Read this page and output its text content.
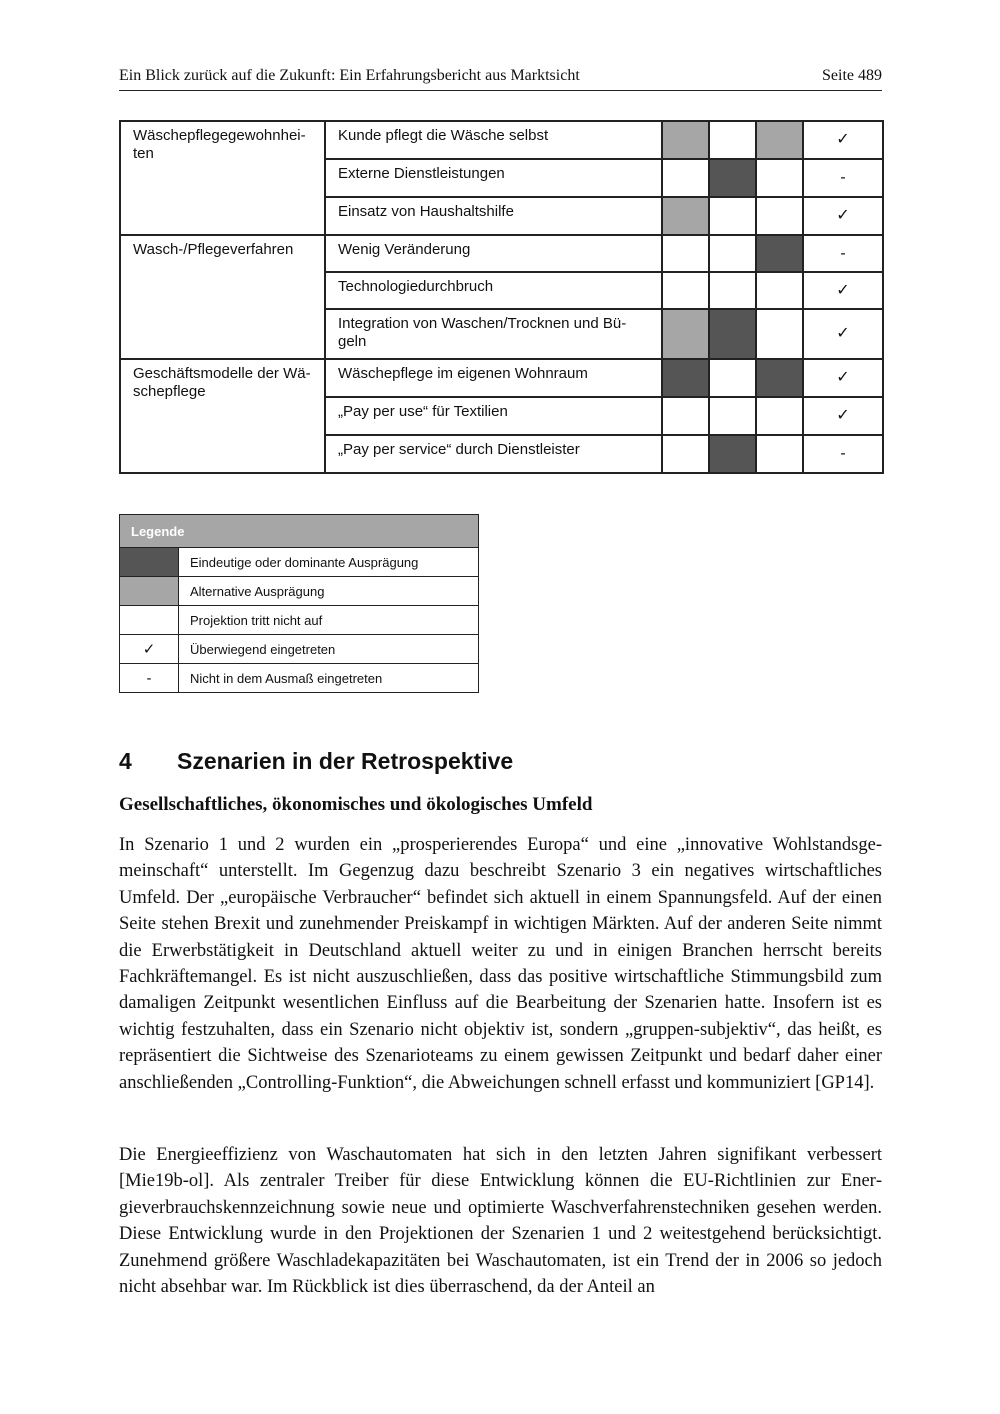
Ein Blick zurück auf die Zukunft: Ein Erfahrungsbericht aus Marktsicht	Seite 489
Wäschepflegegewohnhei-
ten	Kunde pflegt die Wäsche selbst				✓
	Externe Dienstleistungen				-
	Einsatz von Haushaltshilfe				✓
Wasch-/Pflegeverfahren	Wenig Veränderung				-
	Technologiedurchbruch				✓
	Integration von Waschen/Trocknen und Bü-
geln				✓
Geschäftsmodelle der Wä-
schepflege	Wäschepflege im eigenen Wohnraum				✓
	„Pay per use“ für Textilien				✓
	„Pay per service“ durch Dienstleister				-
Legende	
	Eindeutige oder dominante Ausprägung
	Alternative Ausprägung
	Projektion tritt nicht auf
✓	Überwiegend eingetreten
-	Nicht in dem Ausmaß eingetreten
4 Szenarien in der Retrospektive
Gesellschaftliches, ökonomisches und ökologisches Umfeld

In Szenario 1 und 2 wurden ein „prosperierendes Europa“ und eine „innovative Wohlstandsgemeinschaft“ unterstellt. Im Gegenzug dazu beschreibt Szenario 3 ein negatives wirtschaftliches Umfeld. Der „europäische Verbraucher“ befindet sich aktuell in einem Spannungsfeld. Auf der einen Seite stehen Brexit und zunehmender Preiskampf in wichtigen Märkten. Auf der anderen Seite nimmt die Erwerbstätigkeit in Deutschland aktuell weiter zu und in einigen Branchen herrscht bereits Fachkräftemangel. Es ist nicht auszuschließen, dass das positive wirtschaftliche Stimmungsbild zum damaligen Zeitpunkt wesentlichen Einfluss auf die Bearbeitung der Szenarien hatte. Insofern ist es wichtig festzuhalten, dass ein Szenario nicht objektiv ist, sondern „gruppen-subjektiv“, das heißt, es repräsentiert die Sichtweise des Szenarioteams zu einem gewissen Zeitpunkt und bedarf daher einer anschließenden „Controlling-Funktion“, die Abweichungen schnell erfasst und kommuniziert [GP14].

Die Energieeffizienz von Waschautomaten hat sich in den letzten Jahren signifikant verbessert [Mie19b-ol]. Als zentraler Treiber für diese Entwicklung können die EU-Richtlinien zur Energieverbrauchskennzeichnung sowie neue und optimierte Waschverfahrenstechniken gesehen werden. Diese Entwicklung wurde in den Projektionen der Szenarien 1 und 2 weitestgehend berücksichtigt. Zunehmend größere Waschladekapazitäten bei Waschautomaten, ist ein Trend der in 2006 so jedoch nicht absehbar war. Im Rückblick ist dies überraschend, da der Anteil an
